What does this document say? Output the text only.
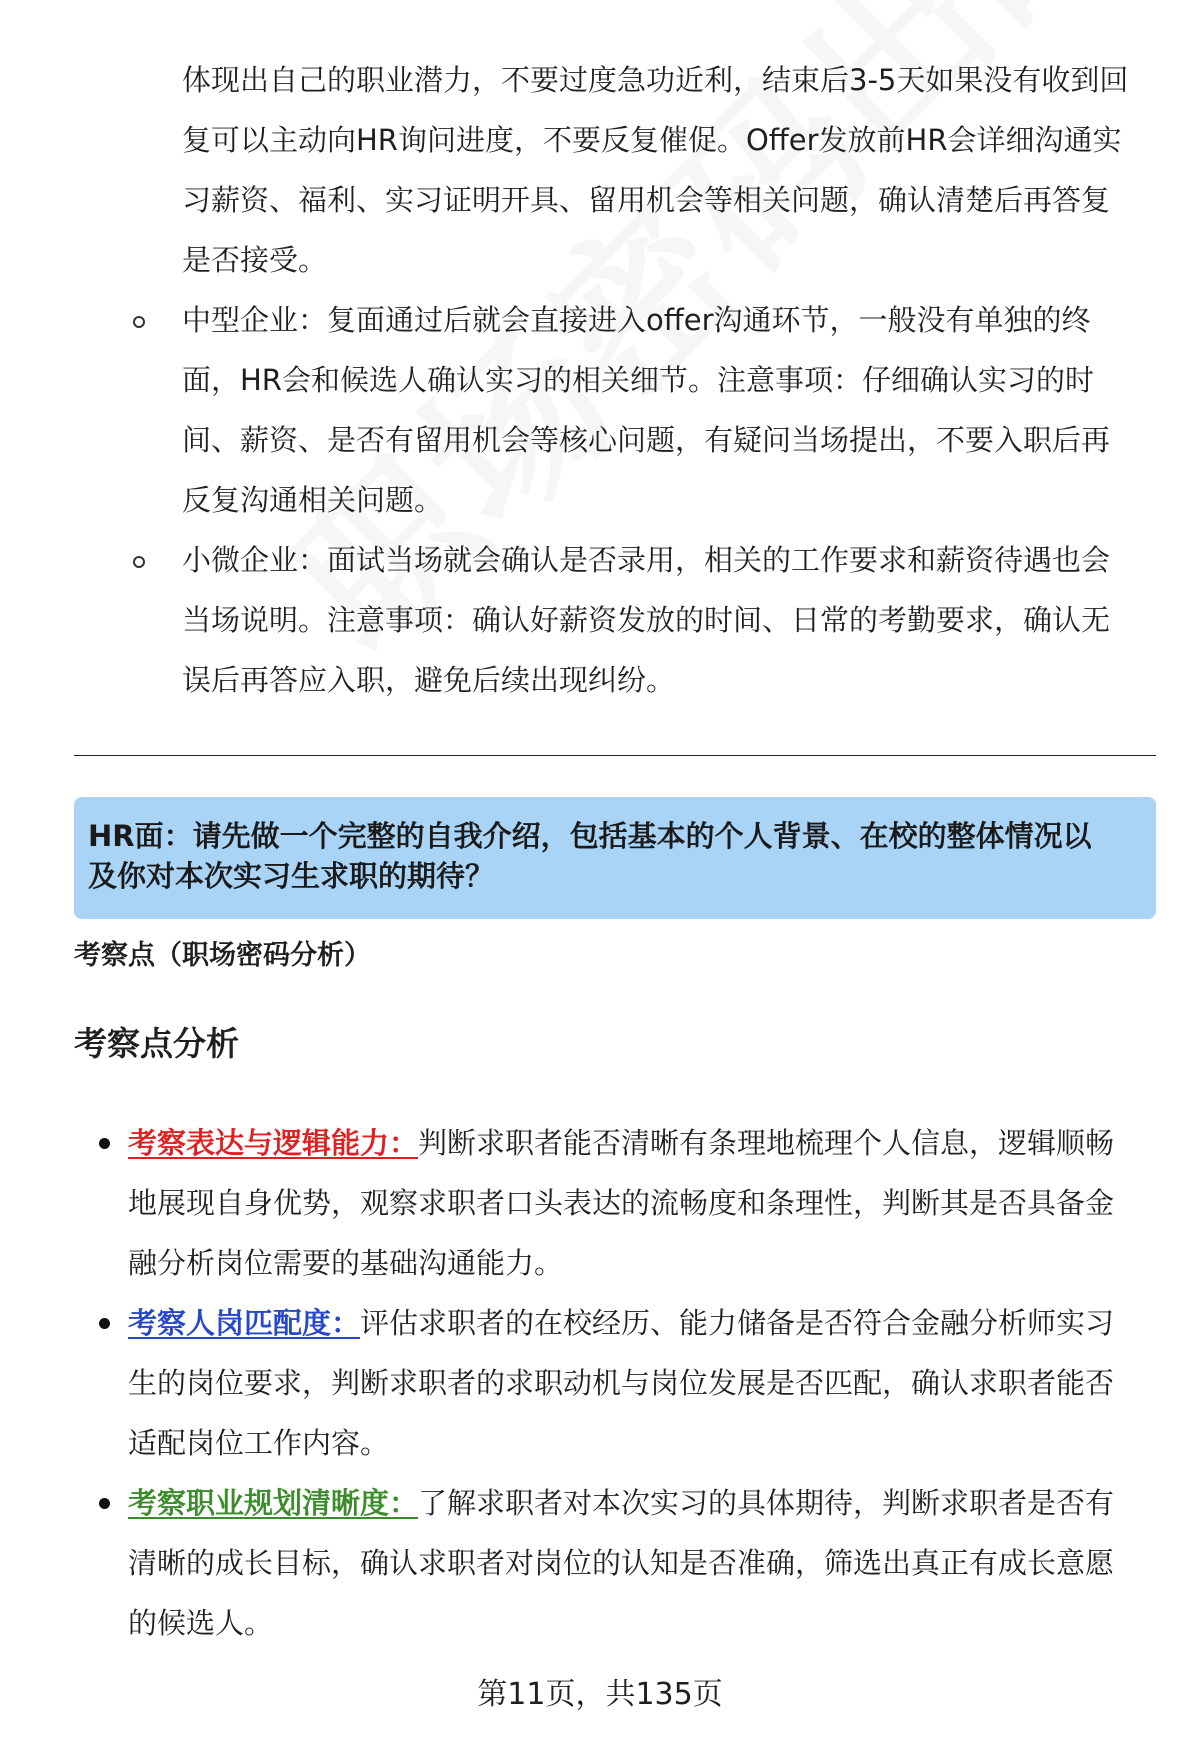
体现出自己的职业潜力，不要过度急功近利，结束后3-5天如果没有收到回
复可以主动向HR询问进度，不要反复催促。Offer发放前HR会详细沟通实
习薪资、福利、实习证明开具、留用机会等相关问题，确认清楚后再答复
是否接受。
中型企业：复面通过后就会直接进入offer沟通环节，一般没有单独的终
面，HR会和候选人确认实习的相关细节。注意事项：仔细确认实习的时
间、薪资、是否有留用机会等核心问题，有疑问当场提出，不要入职后再
反复沟通相关问题。
小微企业：面试当场就会确认是否录用，相关的工作要求和薪资待遇也会
当场说明。注意事项：确认好薪资发放的时间、日常的考勤要求，确认无
误后再答应入职，避免后续出现纠纷。
HR面：请先做一个完整的自我介绍，包括基本的个人背景、在校的整体情况以
及你对本次实习生求职的期待？
考察点（职场密码分析）
考察点分析
考察表达与逻辑能力：判断求职者能否清晰有条理地梳理个人信息，逻辑顺畅
地展现自身优势，观察求职者口头表达的流畅度和条理性，判断其是否具备金
融分析岗位需要的基础沟通能力。
考察人岗匹配度：评估求职者的在校经历、能力储备是否符合金融分析师实习
生的岗位要求，判断求职者的求职动机与岗位发展是否匹配，确认求职者能否
适配岗位工作内容。
考察职业规划清晰度：了解求职者对本次实习的具体期待，判断求职者是否有
清晰的成长目标，确认求职者对岗位的认知是否准确，筛选出真正有成长意愿
的候选人。
第11页，共135页
